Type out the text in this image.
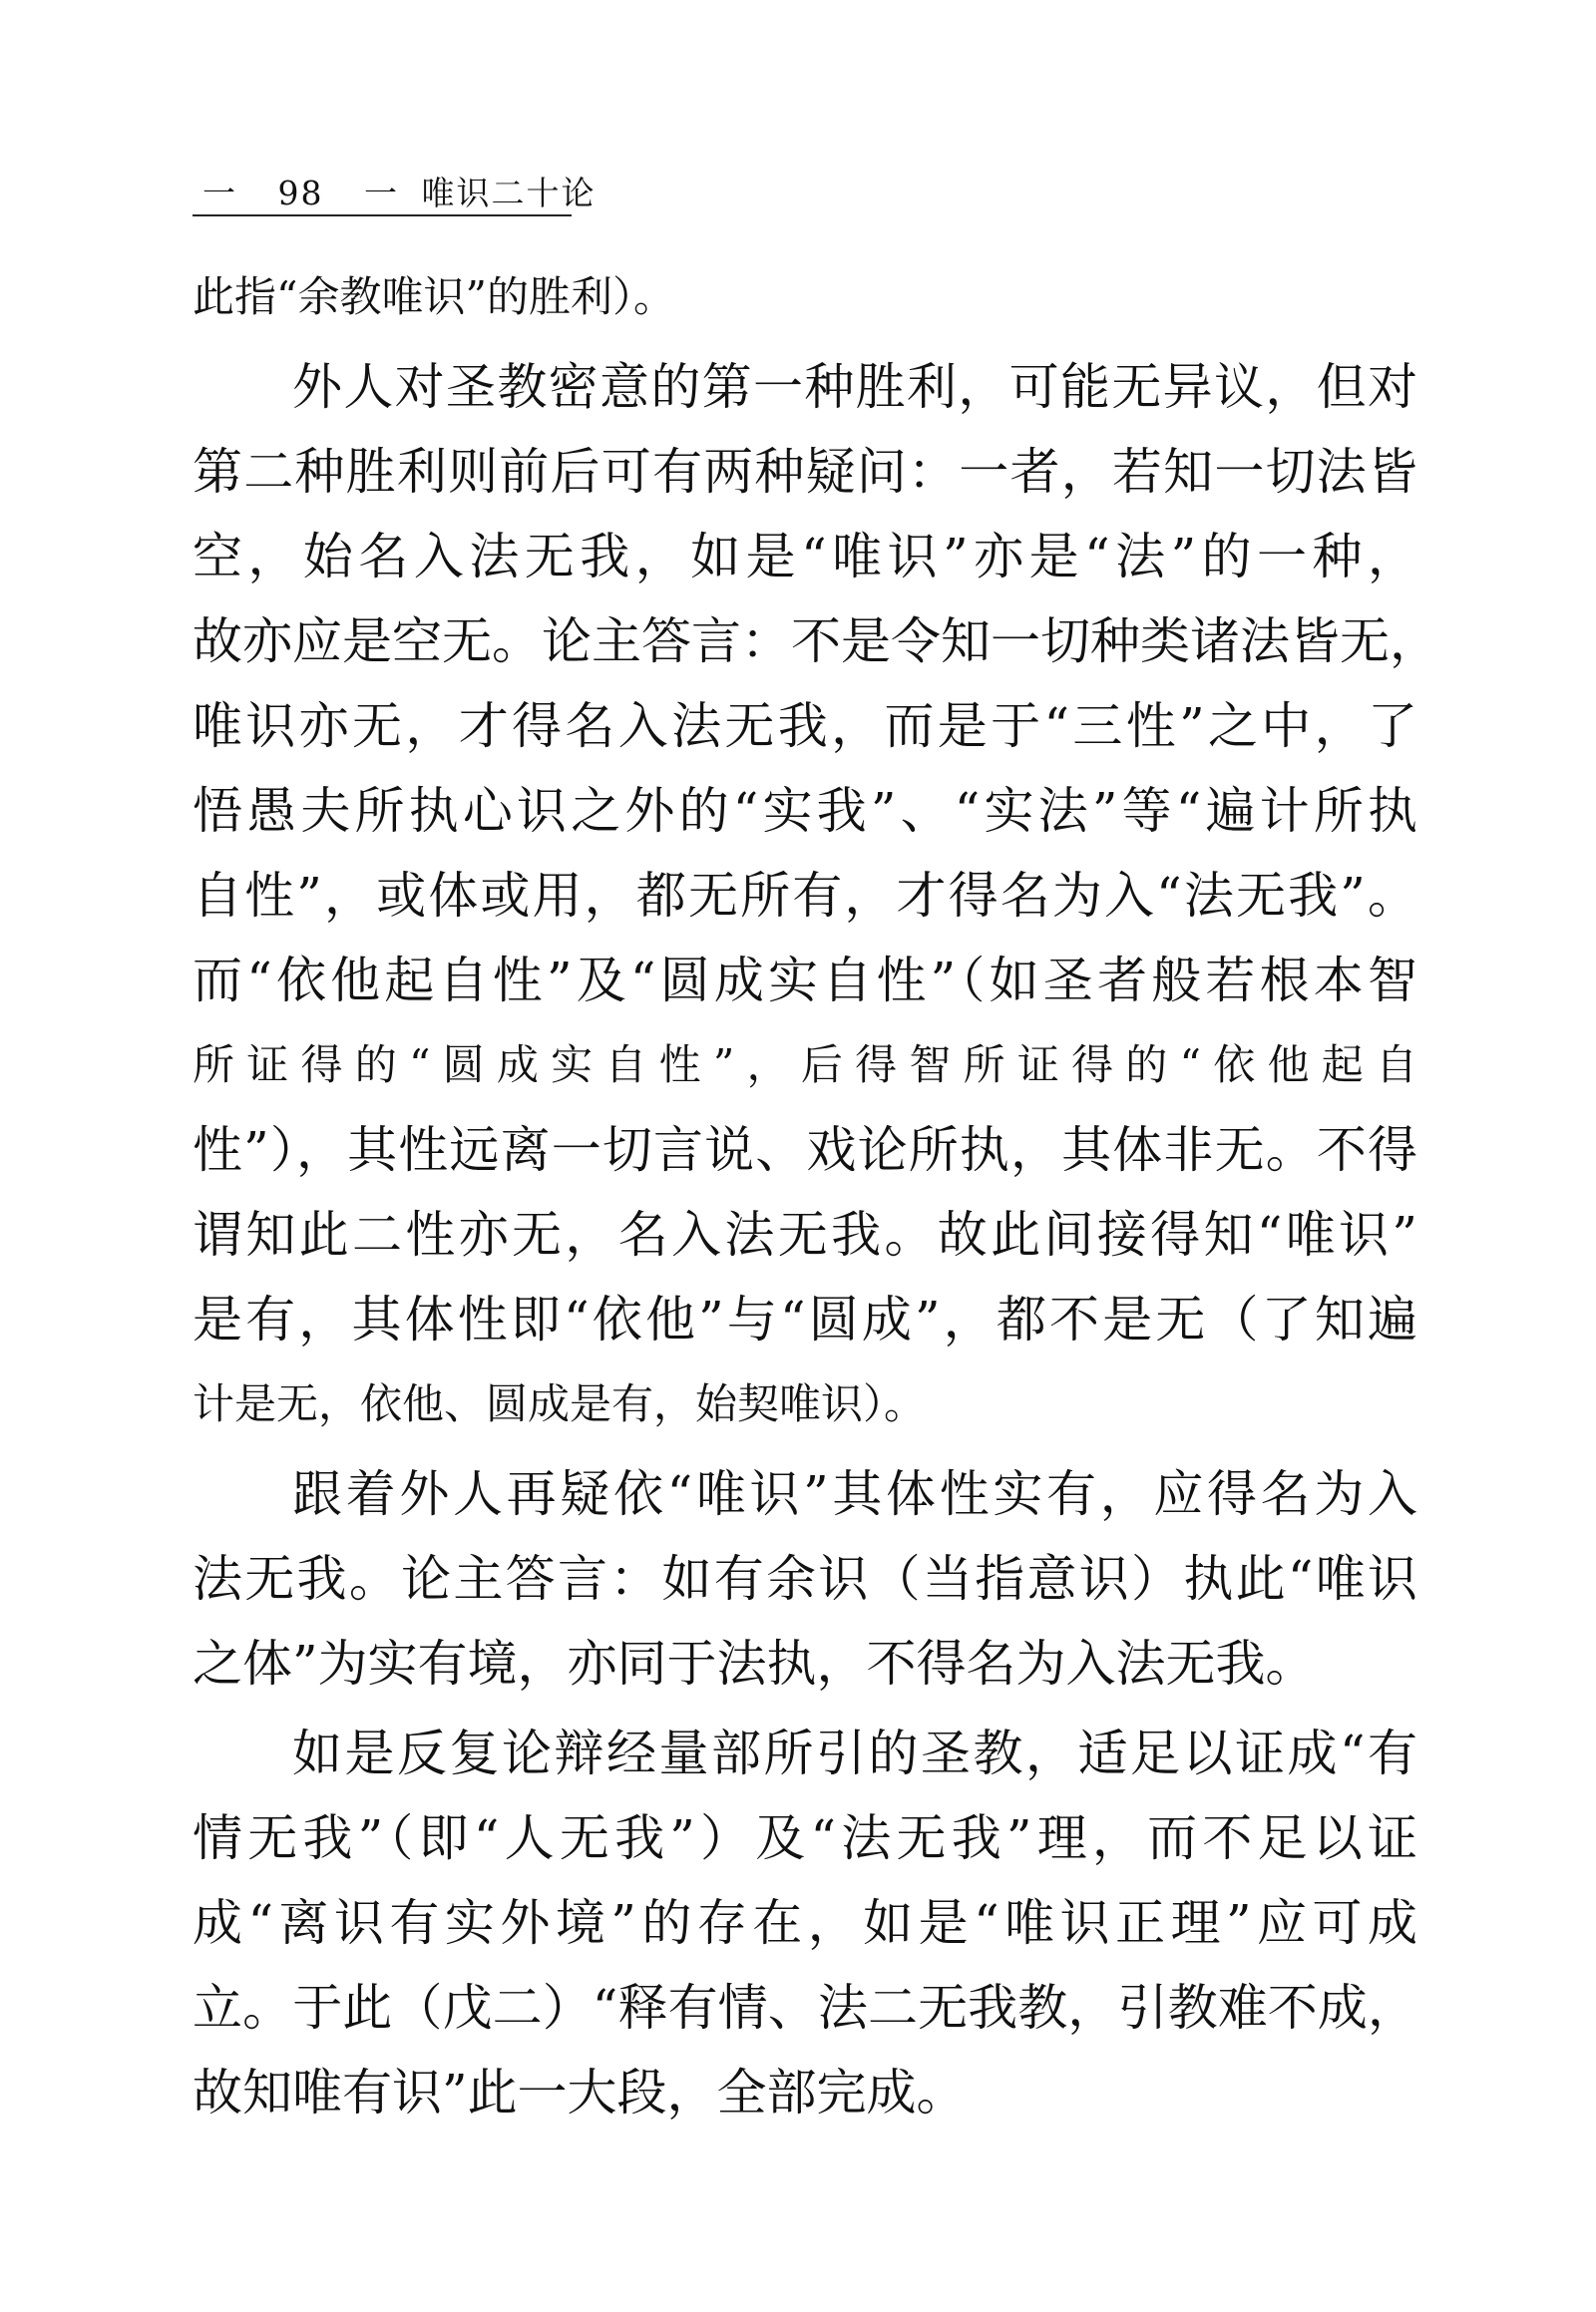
一 98 一 唯识二十论
此指“余教唯识”的胜利）。
外人对圣教密意的第一种胜利，可能无异议，但对
第二种胜利则前后可有两种疑问：一者，若知一切法皆
空，始名入法无我，如是“唯识”亦是“法”的一种，
故亦应是空无。论主答言：不是令知一切种类诸法皆无，
唯识亦无，才得名入法无我，而是于“三性”之中，了
悟愚夫所执心识之外的“实我”、“实法”等“遍计所执
自性”，或体或用，都无所有，才得名为入“法无我”。
而“依他起自性”及“圆成实自性”（如圣者般若根本智
所证得的“圆成实自性”，后得智所证得的“依他起自
性”），其性远离一切言说、戏论所执，其体非无。不得
谓知此二性亦无，名入法无我。故此间接得知“唯识”
是有，其体性即“依他”与“圆成”，都不是无（了知遍
计是无，依他、圆成是有，始契唯识）。
跟着外人再疑依“唯识”其体性实有，应得名为入
法无我。论主答言：如有余识（当指意识）执此“唯识
之体”为实有境，亦同于法执，不得名为入法无我。
如是反复论辩经量部所引的圣教，适足以证成“有
情无我”（即“人无我”）及“法无我”理，而不足以证
成“离识有实外境”的存在，如是“唯识正理”应可成
立。于此（戊二）“释有情、法二无我教，引教难不成，
故知唯有识”此一大段，全部完成。
